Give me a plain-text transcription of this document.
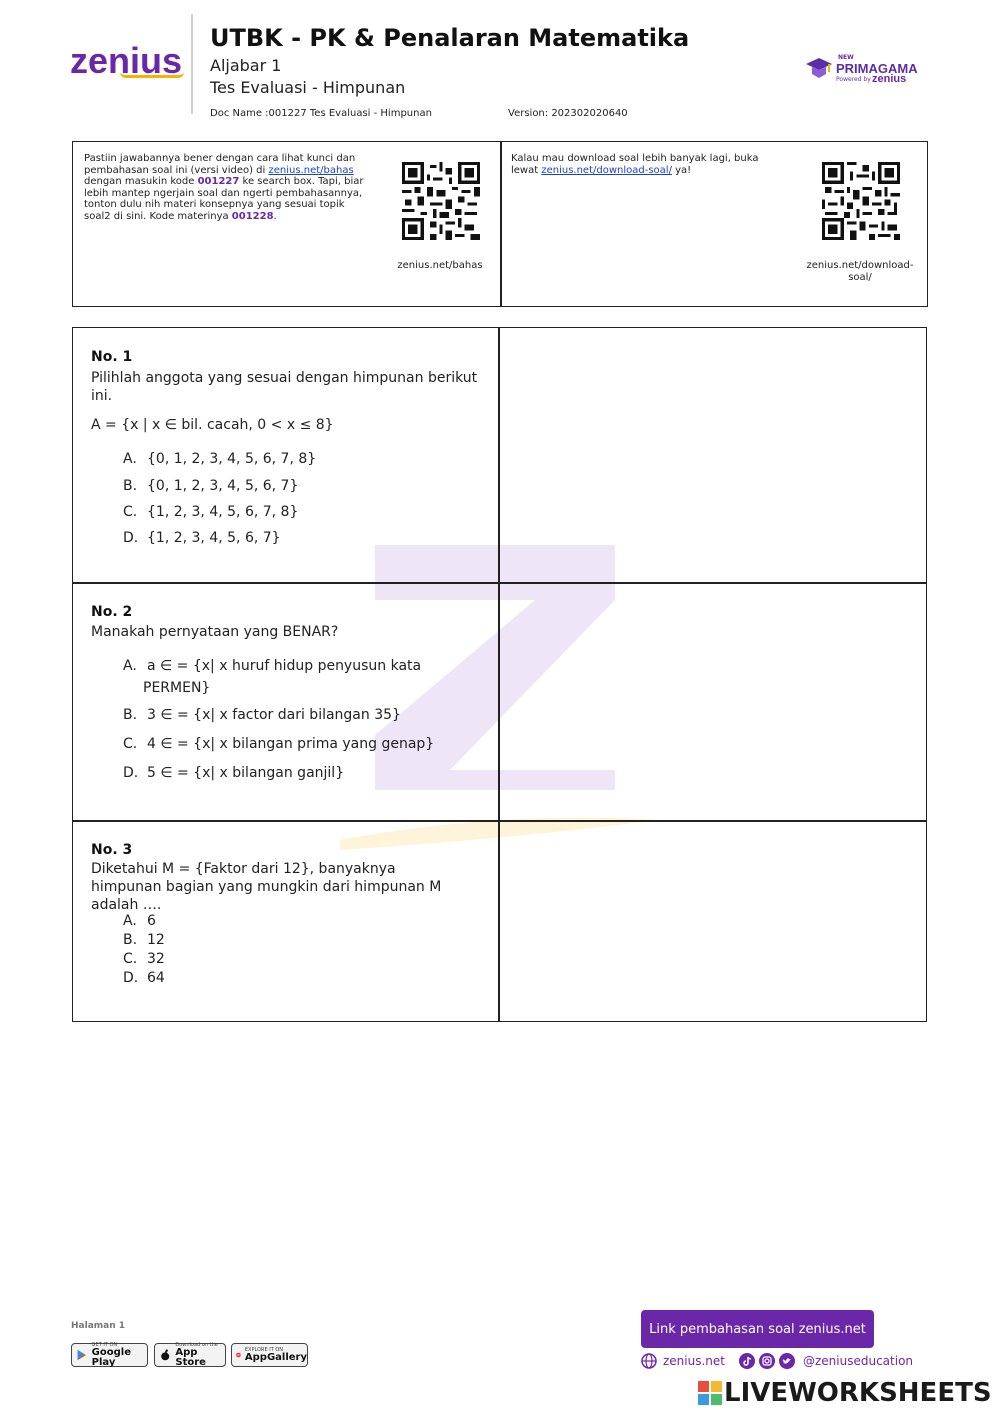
zenius
UTBK - PK & Penalaran Matematika
Aljabar 1
Tes Evaluasi - Himpunan
Doc Name :001227 Tes Evaluasi - Himpunan	Version: 202302020640
NEW
PRIMAGAMA
Powered by zenius
Pastiin jawabannya bener dengan cara lihat kunci dan pembahasan soal ini (versi video) di zenius.net/bahas dengan masukin kode 001227 ke search box. Tapi, biar lebih mantep ngerjain soal dan ngerti pembahasannya, tonton dulu nih materi konsepnya yang sesuai topik soal2 di sini. Kode materinya 001228.
zenius.net/bahas
Kalau mau download soal lebih banyak lagi, buka lewat zenius.net/download-soal/ ya!
zenius.net/download-
soal/
No. 1
Pilihlah anggota yang sesuai dengan himpunan berikut ini.
A = {x | x ∈ bil. cacah, 0 < x ≤ 8}
A. {0, 1, 2, 3, 4, 5, 6, 7, 8}
B. {0, 1, 2, 3, 4, 5, 6, 7}
C. {1, 2, 3, 4, 5, 6, 7, 8}
D. {1, 2, 3, 4, 5, 6, 7}
No. 2
Manakah pernyataan yang BENAR?
A. a ∈ = {x| x huruf hidup penyusun kata
PERMEN}
B. 3 ∈ = {x| x factor dari bilangan 35}
C. 4 ∈ = {x| x bilangan prima yang genap}
D. 5 ∈ = {x| x bilangan ganjil}
No. 3
Diketahui M = {Faktor dari 12}, banyaknya himpunan bagian yang mungkin dari himpunan M adalah ….
A. 6
B. 12
C. 32
D. 64
Halaman 1
GET IT ON
Google Play
Download on the
App Store
EXPLORE IT ON
AppGallery
Link pembahasan soal zenius.net
zenius.net	@zeniuseducation
LIVEWORKSHEETS
